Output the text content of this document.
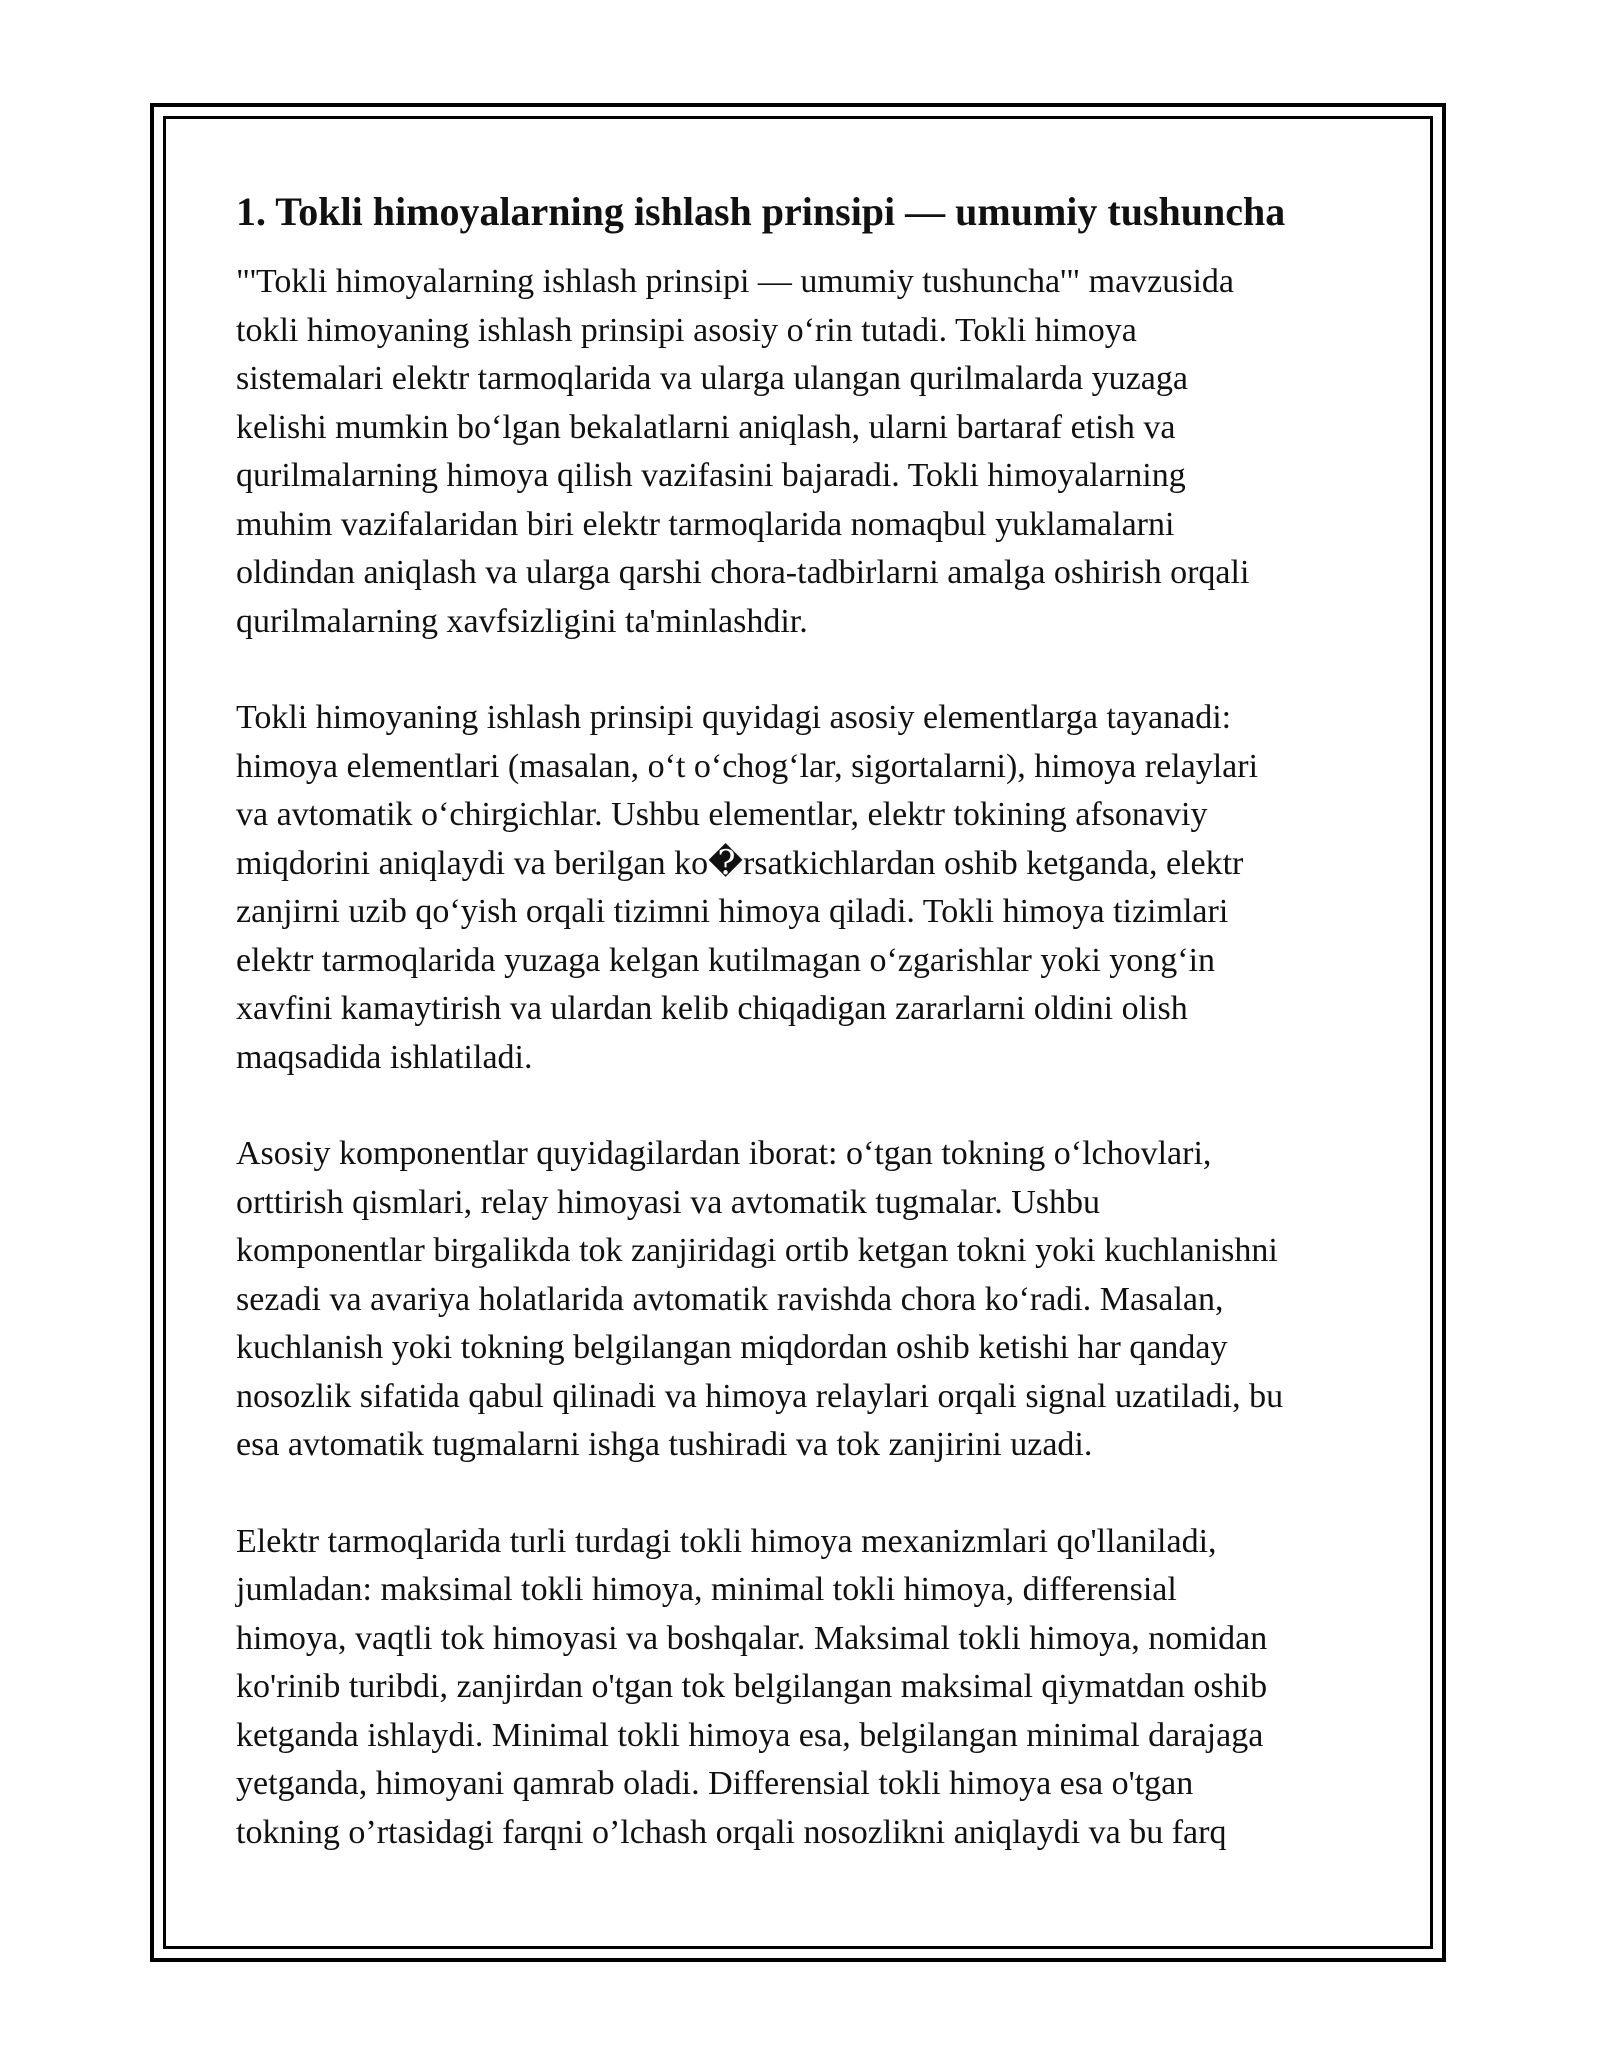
1. Tokli himoyalarning ishlash prinsipi — umumiy tushuncha

"'Tokli himoyalarning ishlash prinsipi — umumiy tushuncha'" mavzusida
tokli himoyaning ishlash prinsipi asosiy o‘rin tutadi. Tokli himoya
sistemalari elektr tarmoqlarida va ularga ulangan qurilmalarda yuzaga
kelishi mumkin bo‘lgan bekalatlarni aniqlash, ularni bartaraf etish va
qurilmalarning himoya qilish vazifasini bajaradi. Tokli himoyalarning
muhim vazifalaridan biri elektr tarmoqlarida nomaqbul yuklamalarni
oldindan aniqlash va ularga qarshi chora-tadbirlarni amalga oshirish orqali
qurilmalarning xavfsizligini ta'minlashdir.

Tokli himoyaning ishlash prinsipi quyidagi asosiy elementlarga tayanadi:
himoya elementlari (masalan, o‘t o‘chog‘lar, sigortalarni), himoya relaylari
va avtomatik o‘chirgichlar. Ushbu elementlar, elektr tokining afsonaviy
miqdorini aniqlaydi va berilgan ko�rsatkichlardan oshib ketganda, elektr
zanjirni uzib qo‘yish orqali tizimni himoya qiladi. Tokli himoya tizimlari
elektr tarmoqlarida yuzaga kelgan kutilmagan o‘zgarishlar yoki yong‘in
xavfini kamaytirish va ulardan kelib chiqadigan zararlarni oldini olish
maqsadida ishlatiladi.

Asosiy komponentlar quyidagilardan iborat: o‘tgan tokning o‘lchovlari,
orttirish qismlari, relay himoyasi va avtomatik tugmalar. Ushbu
komponentlar birgalikda tok zanjiridagi ortib ketgan tokni yoki kuchlanishni
sezadi va avariya holatlarida avtomatik ravishda chora ko‘radi. Masalan,
kuchlanish yoki tokning belgilangan miqdordan oshib ketishi har qanday
nosozlik sifatida qabul qilinadi va himoya relaylari orqali signal uzatiladi, bu
esa avtomatik tugmalarni ishga tushiradi va tok zanjirini uzadi.

Elektr tarmoqlarida turli turdagi tokli himoya mexanizmlari qo'llaniladi,
jumladan: maksimal tokli himoya, minimal tokli himoya, differensial
himoya, vaqtli tok himoyasi va boshqalar. Maksimal tokli himoya, nomidan
ko'rinib turibdi, zanjirdan o'tgan tok belgilangan maksimal qiymatdan oshib
ketganda ishlaydi. Minimal tokli himoya esa, belgilangan minimal darajaga
yetganda, himoyani qamrab oladi. Differensial tokli himoya esa o'tgan
tokning o’rtasidagi farqni o’lchash orqali nosozlikni aniqlaydi va bu farq
